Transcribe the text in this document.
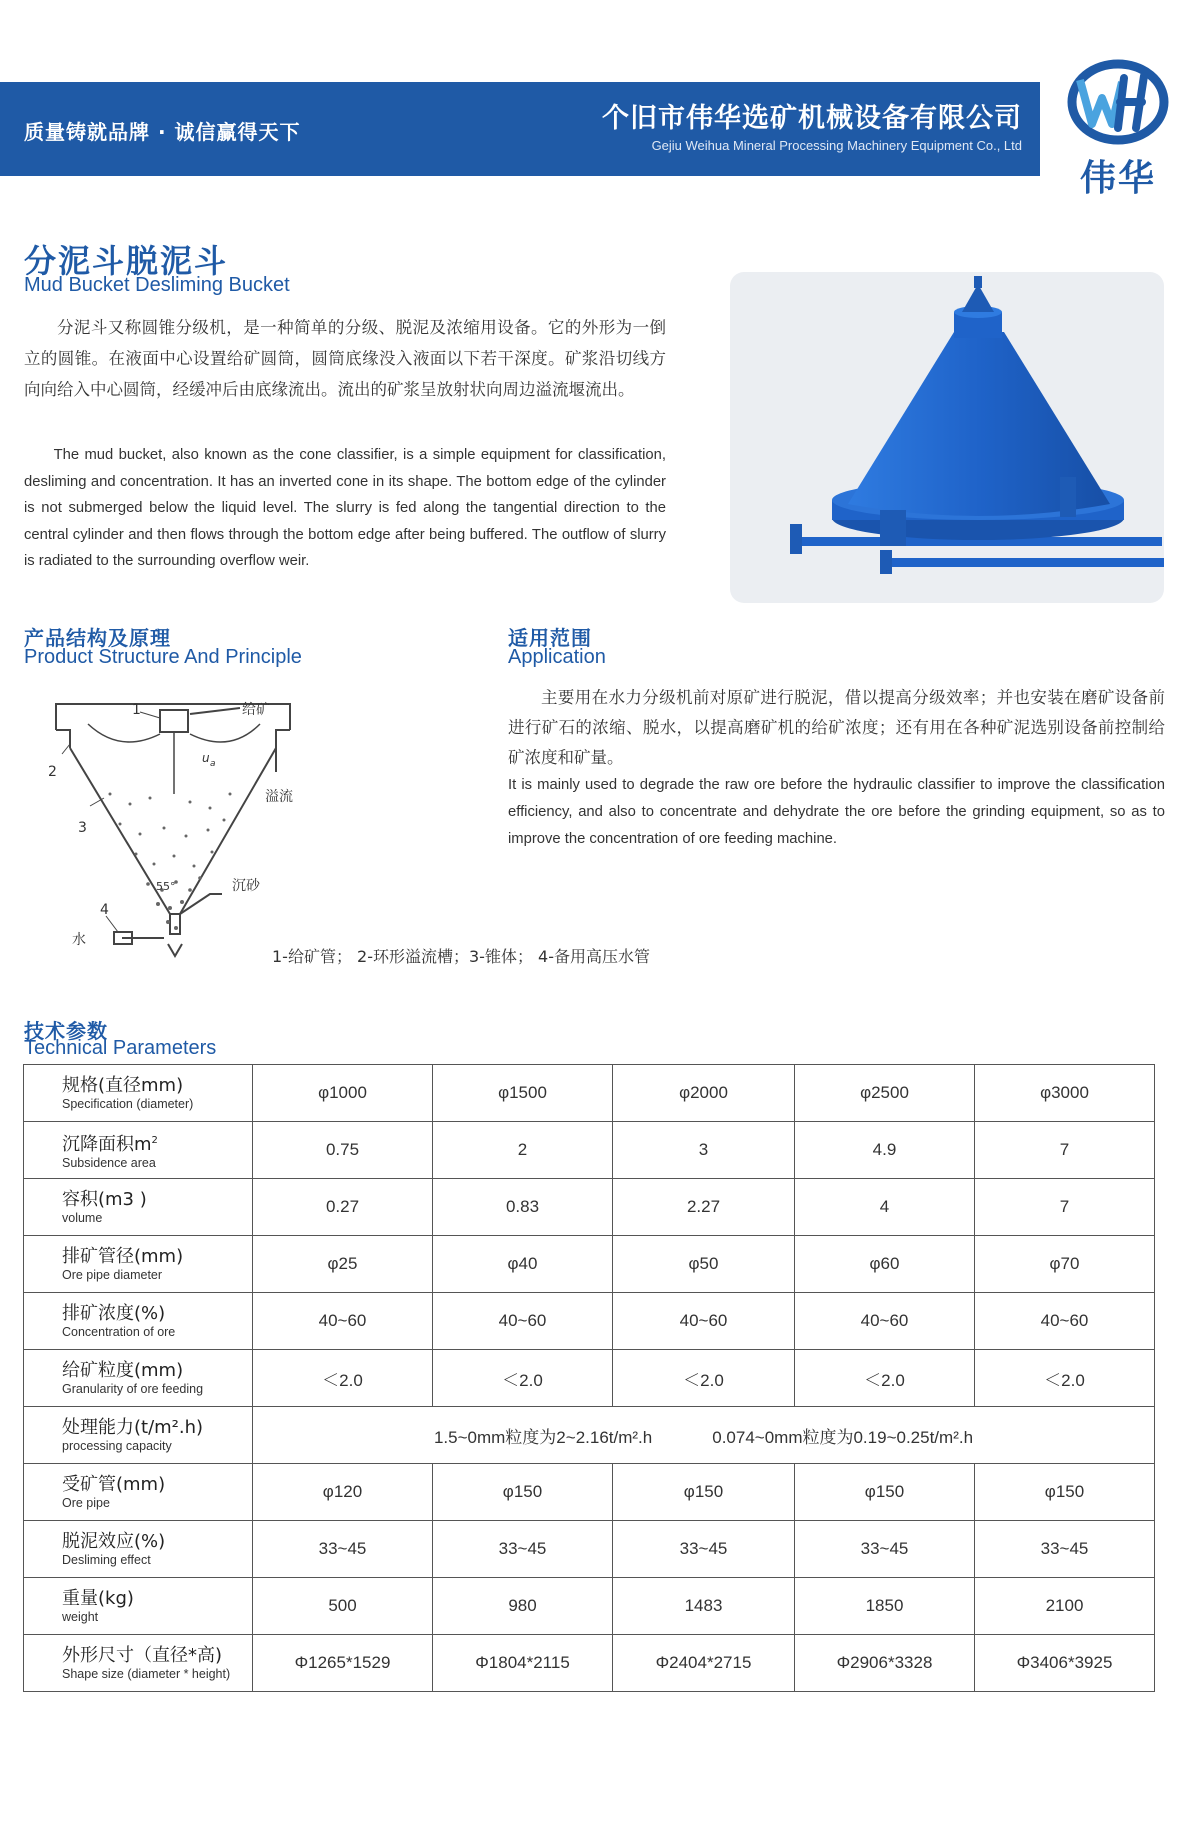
质量铸就品牌 · 诚信赢得天下	个旧市伟华选矿机械设备有限公司
Gejiu Weihua Mineral Processing Machinery Equipment Co., Ltd
WH
伟华
分泥斗脱泥斗
Mud Bucket Desliming Bucket

分泥斗又称圆锥分级机，是一种简单的分级、脱泥及浓缩用设备。它的外形为一倒立的圆锥。在液面中心设置给矿圆筒，圆筒底缘没入液面以下若干深度。矿浆沿切线方向向给入中心圆筒，经缓冲后由底缘流出。流出的矿浆呈放射状向周边溢流堰流出。

The mud bucket, also known as the cone classifier, is a simple equipment for classification, desliming and concentration. It has an inverted cone in its shape. The bottom edge of the cylinder is not submerged below the liquid level. The slurry is fed along the tangential direction to the central cylinder and then flows through the bottom edge after being buffered. The outflow of slurry is radiated to the surrounding overflow weir.

产品结构及原理
Product Structure And Principle
1
2
3
4
给矿
溢流
沉砂
水
u a
55°
1-给矿管； 2-环形溢流槽；3-锥体； 4-备用高压水管
适用范围
Application

主要用在水力分级机前对原矿进行脱泥，借以提高分级效率；并也安装在磨矿设备前进行矿石的浓缩、脱水，以提高磨矿机的给矿浓度；还有用在各种矿泥选别设备前控制给矿浓度和矿量。

It is mainly used to degrade the raw ore before the hydraulic classifier to improve the classification efficiency, and also to concentrate and dehydrate the ore before the grinding equipment, so as to improve the concentration of ore feeding machine.

技术参数
Technical Parameters
规格(直径mm)
Specification (diameter)	φ1000	φ1500	φ2000	φ2500	φ3000

沉降面积$m^2$
Subsidence area	0.75	2	3	4.9	7

容积(m3 )
volume	0.27	0.83	2.27	4	7

排矿管径(mm)
Ore pipe diameter	φ25	φ40	φ50	φ60	φ70

排矿浓度(%)
Concentration of ore	40~60	40~60	40~60	40~60	40~60

给矿粒度(mm)
Granularity of ore feeding	＜2.0	＜2.0	＜2.0	＜2.0	＜2.0

处理能力(t/m².h)
processing capacity	1.5~0mm粒度为2~2.16t/m².h 0.074~0mm粒度为0.19~0.25t/m².h				

受矿管(mm)
Ore pipe	φ120	φ150	φ150	φ150	φ150

脱泥效应(%)
Desliming effect	33~45	33~45	33~45	33~45	33~45

重量(kg)
weight	500	980	1483	1850	2100

外形尺寸（直径*高)
Shape size (diameter * height)	Φ1265*1529	Φ1804*2115	Φ2404*2715	Φ2906*3328	Φ3406*3925
